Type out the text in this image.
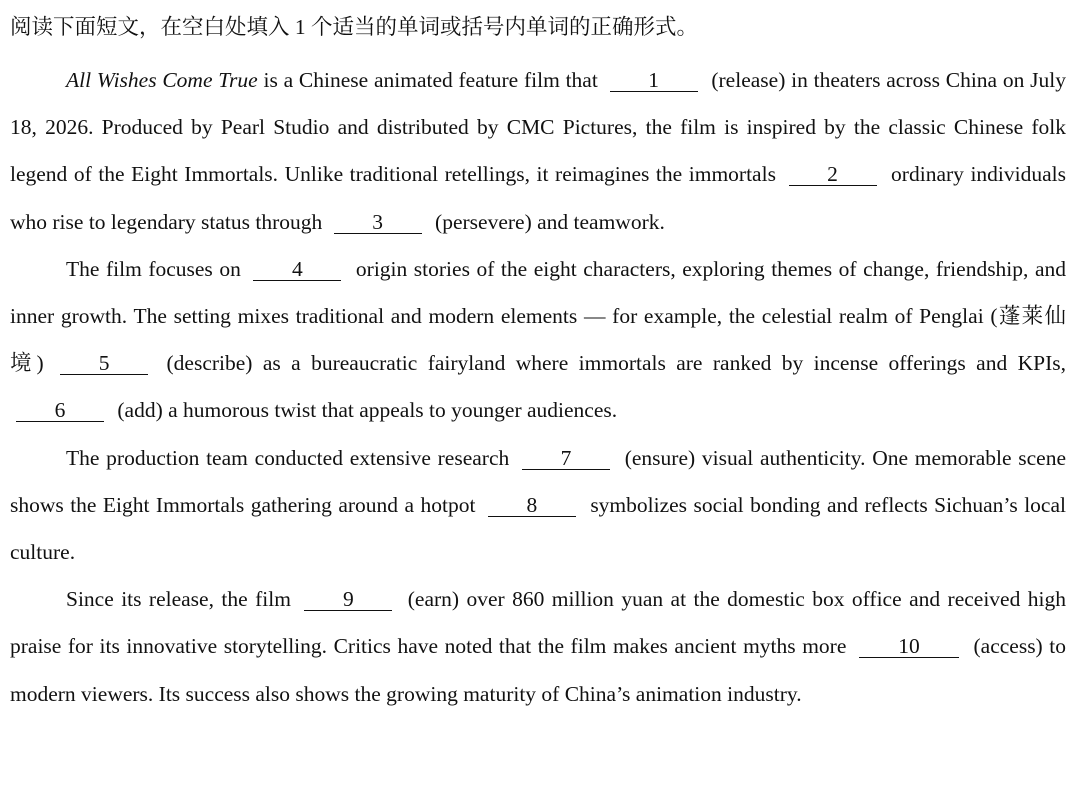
阅读下面短文，在空白处填入 1 个适当的单词或括号内单词的正确形式。

All Wishes Come True is a Chinese animated feature film that 1 (release) in theaters across China on July 18, 2026. Produced by Pearl Studio and distributed by CMC Pictures, the film is inspired by the classic Chinese folk legend of the Eight Immortals. Unlike traditional retellings, it reimagines the immortals 2 ordinary individuals who rise to legendary status through 3 (persevere) and teamwork.

The film focuses on 4 origin stories of the eight characters, exploring themes of change, friendship, and inner growth. The setting mixes traditional and modern elements — for example, the celestial realm of Penglai (蓬莱仙境) 5 (describe) as a bureaucratic fairyland where immortals are ranked by incense offerings and KPIs, 6 (add) a humorous twist that appeals to younger audiences.

The production team conducted extensive research 7 (ensure) visual authenticity. One memorable scene shows the Eight Immortals gathering around a hotpot 8 symbolizes social bonding and reflects Sichuan’s local culture.

Since its release, the film 9 (earn) over 860 million yuan at the domestic box office and received high praise for its innovative storytelling. Critics have noted that the film makes ancient myths more 10 (access) to modern viewers. Its success also shows the growing maturity of China’s animation industry.
